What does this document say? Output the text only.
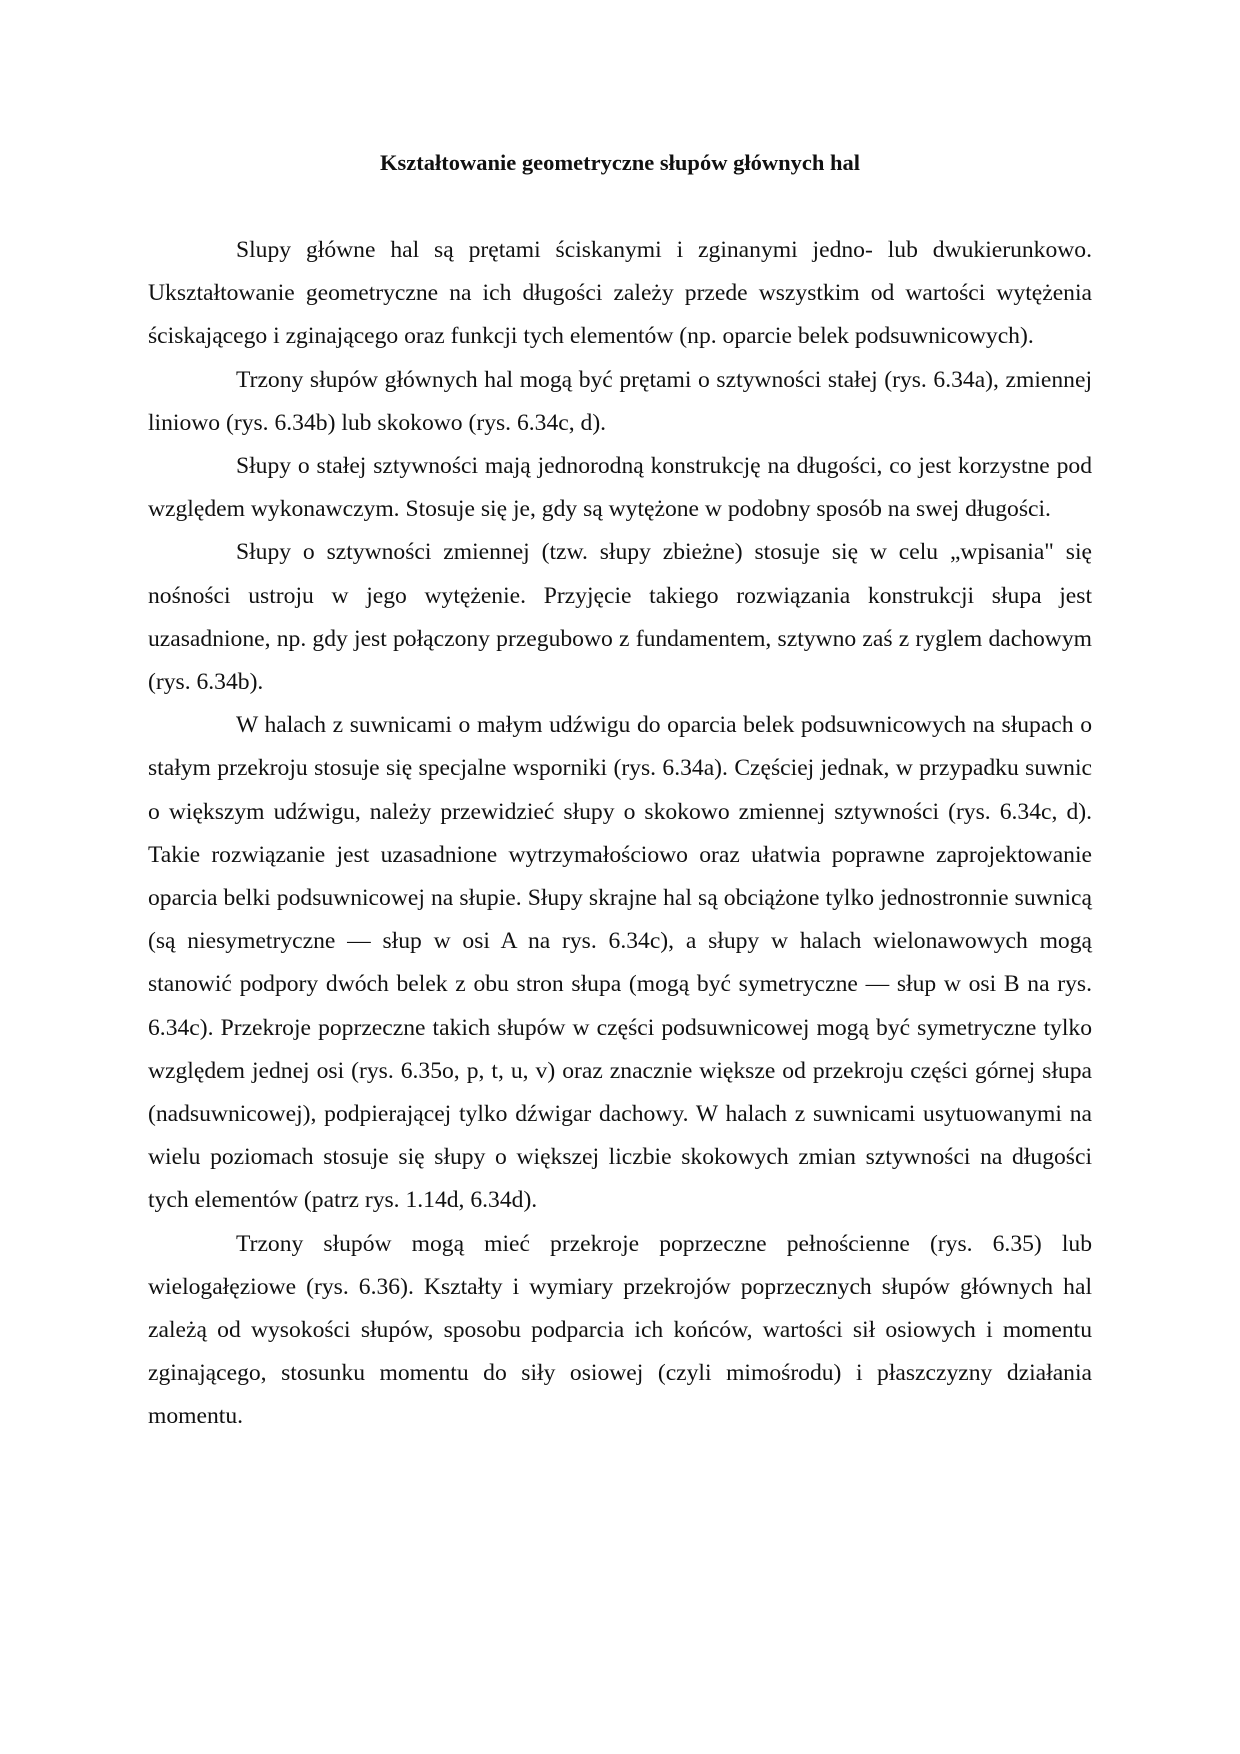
Kształtowanie geometryczne słupów głównych hal

Slupy główne hal są prętami ściskanymi i zginanymi jedno- lub dwukierunkowo. Ukształtowanie geometryczne na ich długości zależy przede wszystkim od wartości wytężenia ściskającego i zginającego oraz funkcji tych elementów (np. oparcie belek podsuwnicowych).

Trzony słupów głównych hal mogą być prętami o sztywności stałej (rys. 6.34a), zmiennej liniowo (rys. 6.34b) lub skokowo (rys. 6.34c, d).

Słupy o stałej sztywności mają jednorodną konstrukcję na długości, co jest korzystne pod względem wykonawczym. Stosuje się je, gdy są wytężone w podobny sposób na swej długości.

Słupy o sztywności zmiennej (tzw. słupy zbieżne) stosuje się w celu „wpisania" się nośności ustroju w jego wytężenie. Przyjęcie takiego rozwiązania konstrukcji słupa jest uzasadnione, np. gdy jest połączony przegubowo z fundamentem, sztywno zaś z ryglem dachowym (rys. 6.34b).

W halach z suwnicami o małym udźwigu do oparcia belek podsuwnicowych na słupach o stałym przekroju stosuje się specjalne wsporniki (rys. 6.34a). Częściej jednak, w przypadku suwnic o większym udźwigu, należy przewidzieć słupy o skokowo zmiennej sztywności (rys. 6.34c, d). Takie rozwiązanie jest uzasadnione wytrzymałościowo oraz ułatwia poprawne zaprojektowanie oparcia belki podsuwnicowej na słupie. Słupy skrajne hal są obciążone tylko jednostronnie suwnicą (są niesymetryczne — słup w osi A na rys. 6.34c), a słupy w halach wielonawowych mogą stanowić podpory dwóch belek z obu stron słupa (mogą być symetryczne — słup w osi B na rys. 6.34c). Przekroje poprzeczne takich słupów w części podsuwnicowej mogą być symetryczne tylko względem jednej osi (rys. 6.35o, p, t, u, v) oraz znacznie większe od przekroju części górnej słupa (nadsuwnicowej), podpierającej tylko dźwigar dachowy. W halach z suwnicami usytuowanymi na wielu poziomach stosuje się słupy o większej liczbie skokowych zmian sztywności na długości tych elementów (patrz rys. 1.14d, 6.34d).

Trzony słupów mogą mieć przekroje poprzeczne pełnościenne (rys. 6.35) lub wielogałęziowe (rys. 6.36). Kształty i wymiary przekrojów poprzecznych słupów głównych hal zależą od wysokości słupów, sposobu podparcia ich końców, wartości sił osiowych i momentu zginającego, stosunku momentu do siły osiowej (czyli mimośrodu) i płaszczyzny działania momentu.
